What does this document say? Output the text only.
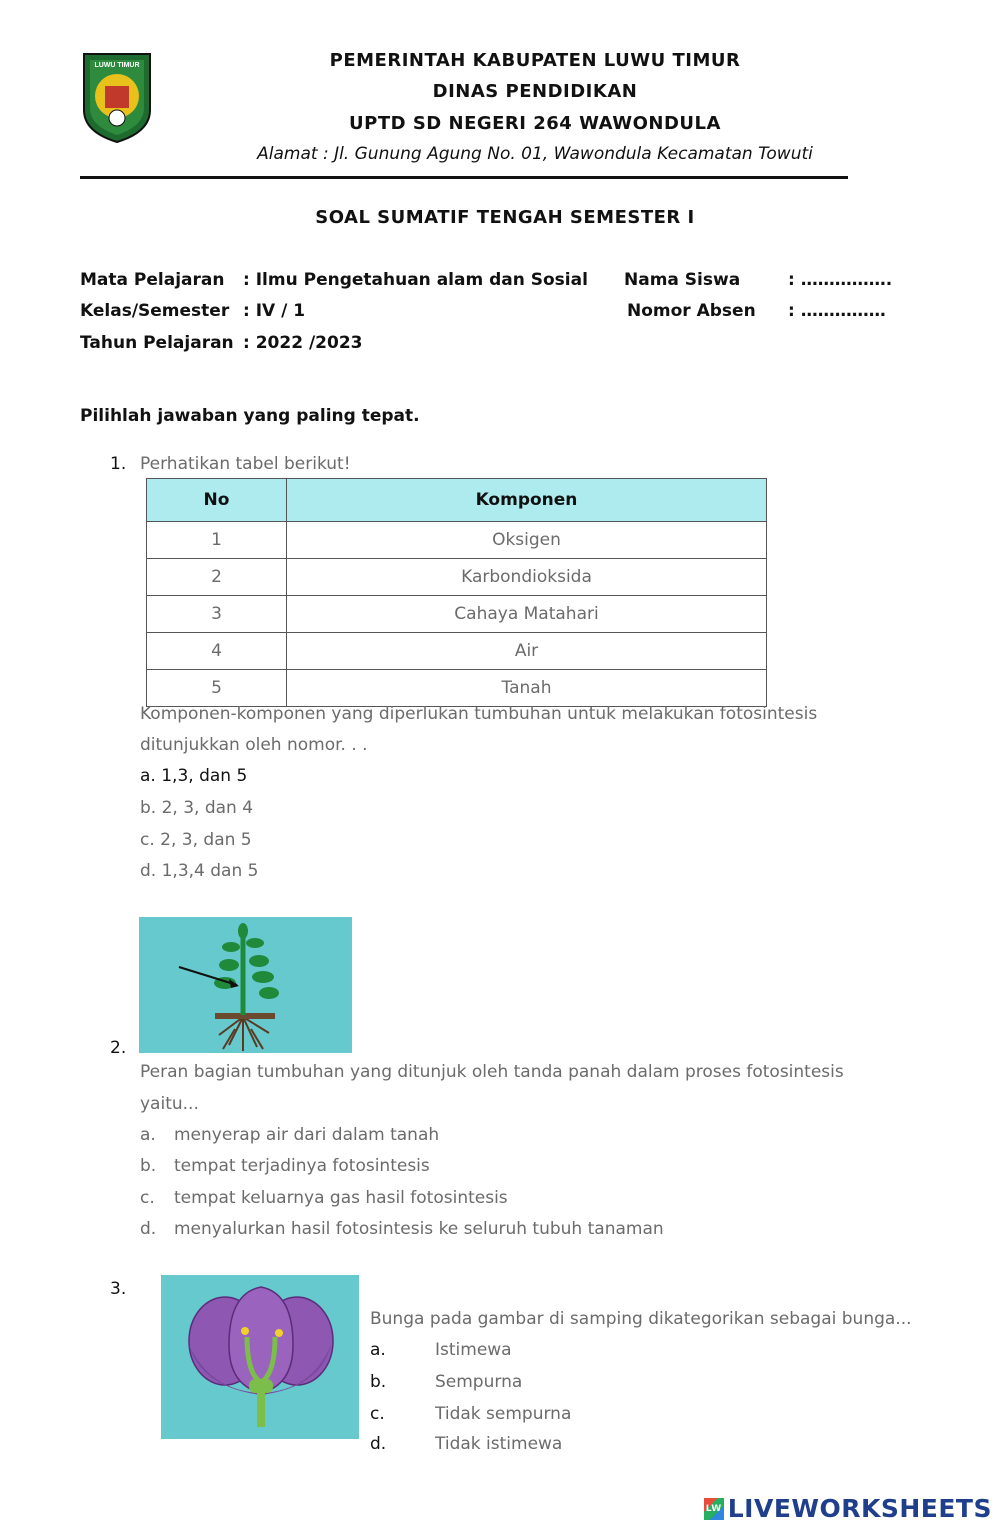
LUWU TIMUR	PEMERINTAH KABUPATEN LUWU TIMUR
DINAS PENDIDIKAN
UPTD SD NEGERI 264 WAWONDULA
Alamat : Jl. Gunung Agung No. 01, Wawondula Kecamatan Towuti
SOAL SUMATIF TENGAH SEMESTER I
Mata Pelajaran : Ilmu Pengetahuan alam dan Sosial
Kelas/Semester : IV / 1
Tahun Pelajaran : 2022 /2023
Nama Siswa	: …………….
Nomor Absen : ……………
Pilihlah jawaban yang paling tepat.
1. Perhatikan tabel berikut!
No	Komponen
1	Oksigen
2	Karbondioksida
3	Cahaya Matahari
4	Air
5	Tanah
Komponen-komponen yang diperlukan tumbuhan untuk melakukan fotosintesis
ditunjukkan oleh nomor. . .
a. 1,3, dan 5
b. 2, 3, dan 4
c. 2, 3, dan 5
d. 1,3,4 dan 5
2.
Peran bagian tumbuhan yang ditunjuk oleh tanda panah dalam proses fotosintesis
yaitu...
a. menyerap air dari dalam tanah
b. tempat terjadinya fotosintesis
c. tempat keluarnya gas hasil fotosintesis
d. menyalurkan hasil fotosintesis ke seluruh tubuh tanaman
3.
Bunga pada gambar di samping dikategorikan sebagai bunga...
a.	Istimewa
b.	Sempurna
c.	Tidak sempurna
d.	Tidak istimewa
LW LIVEWORKSHEETS
